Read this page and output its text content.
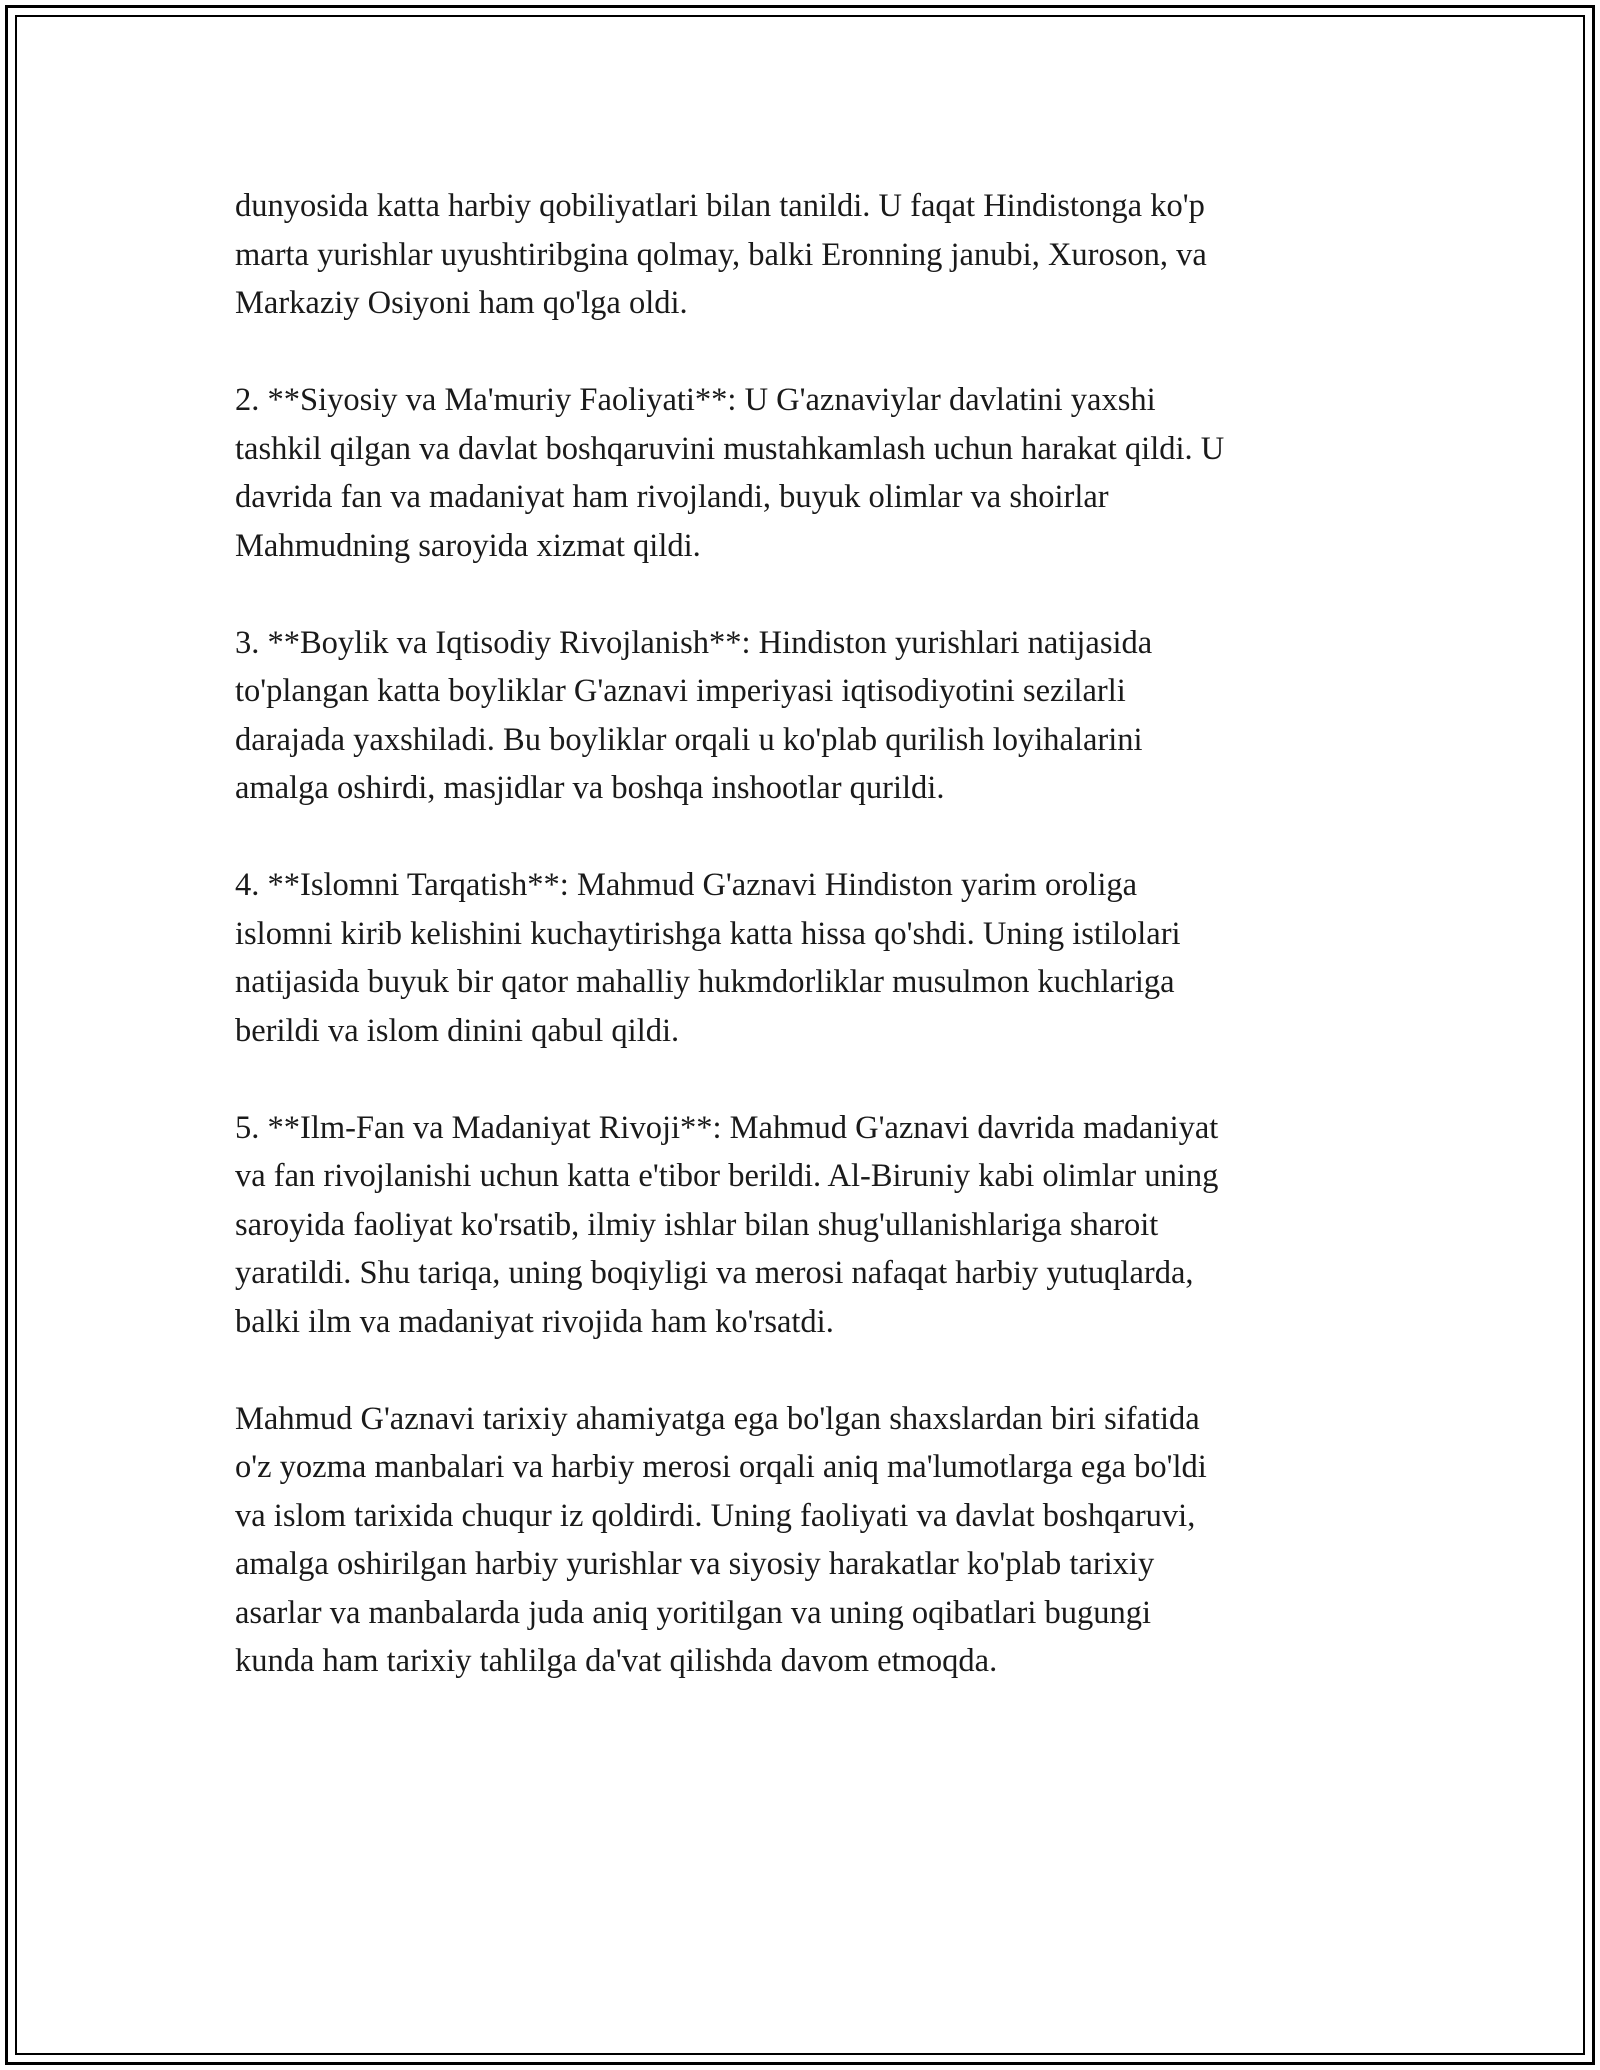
dunyosida katta harbiy qobiliyatlari bilan tanildi. U faqat Hindistonga ko'p
marta yurishlar uyushtiribgina qolmay, balki Eronning janubi, Xuroson, va
Markaziy Osiyoni ham qo'lga oldi.

2. **Siyosiy va Ma'muriy Faoliyati**: U G'aznaviylar davlatini yaxshi
tashkil qilgan va davlat boshqaruvini mustahkamlash uchun harakat qildi. U
davrida fan va madaniyat ham rivojlandi, buyuk olimlar va shoirlar
Mahmudning saroyida xizmat qildi.

3. **Boylik va Iqtisodiy Rivojlanish**: Hindiston yurishlari natijasida
to'plangan katta boyliklar G'aznavi imperiyasi iqtisodiyotini sezilarli
darajada yaxshiladi. Bu boyliklar orqali u ko'plab qurilish loyihalarini
amalga oshirdi, masjidlar va boshqa inshootlar qurildi.

4. **Islomni Tarqatish**: Mahmud G'aznavi Hindiston yarim oroliga
islomni kirib kelishini kuchaytirishga katta hissa qo'shdi. Uning istilolari
natijasida buyuk bir qator mahalliy hukmdorliklar musulmon kuchlariga
berildi va islom dinini qabul qildi.

5. **Ilm-Fan va Madaniyat Rivoji**: Mahmud G'aznavi davrida madaniyat
va fan rivojlanishi uchun katta e'tibor berildi. Al-Biruniy kabi olimlar uning
saroyida faoliyat ko'rsatib, ilmiy ishlar bilan shug'ullanishlariga sharoit
yaratildi. Shu tariqa, uning boqiyligi va merosi nafaqat harbiy yutuqlarda,
balki ilm va madaniyat rivojida ham ko'rsatdi.

Mahmud G'aznavi tarixiy ahamiyatga ega bo'lgan shaxslardan biri sifatida
o'z yozma manbalari va harbiy merosi orqali aniq ma'lumotlarga ega bo'ldi
va islom tarixida chuqur iz qoldirdi. Uning faoliyati va davlat boshqaruvi,
amalga oshirilgan harbiy yurishlar va siyosiy harakatlar ko'plab tarixiy
asarlar va manbalarda juda aniq yoritilgan va uning oqibatlari bugungi
kunda ham tarixiy tahlilga da'vat qilishda davom etmoqda.
